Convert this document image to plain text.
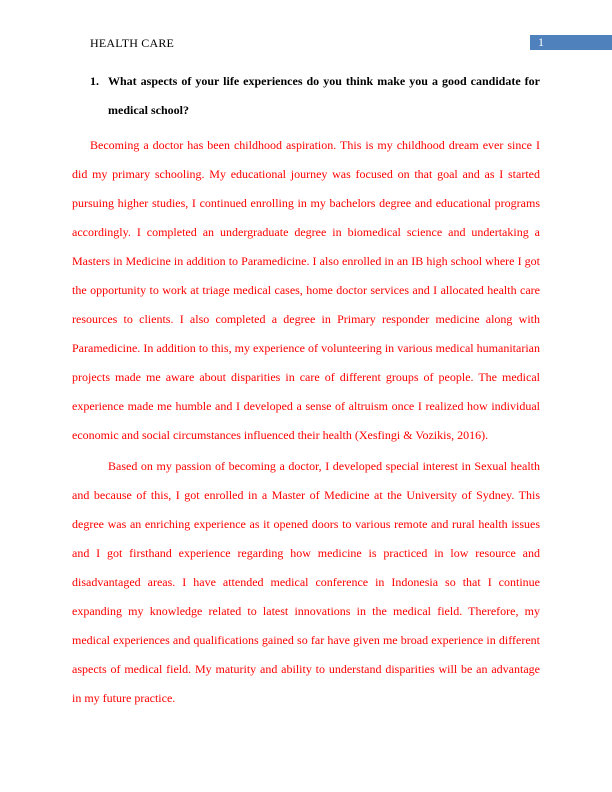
HEALTH CARE	1
1. What aspects of your life experiences do you think make you a good candidate for medical school?

Becoming a doctor has been childhood aspiration. This is my childhood dream ever since I did my primary schooling. My educational journey was focused on that goal and as I started pursuing higher studies, I continued enrolling in my bachelors degree and educational programs accordingly. I completed an undergraduate degree in biomedical science and undertaking a Masters in Medicine in addition to Paramedicine. I also enrolled in an IB high school where I got the opportunity to work at triage medical cases, home doctor services and I allocated health care resources to clients. I also completed a degree in Primary responder medicine along with Paramedicine. In addition to this, my experience of volunteering in various medical humanitarian projects made me aware about disparities in care of different groups of people. The medical experience made me humble and I developed a sense of altruism once I realized how individual economic and social circumstances influenced their health (Xesfingi & Vozikis, 2016).

Based on my passion of becoming a doctor, I developed special interest in Sexual health and because of this, I got enrolled in a Master of Medicine at the University of Sydney. This degree was an enriching experience as it opened doors to various remote and rural health issues and I got firsthand experience regarding how medicine is practiced in low resource and disadvantaged areas. I have attended medical conference in Indonesia so that I continue expanding my knowledge related to latest innovations in the medical field. Therefore, my medical experiences and qualifications gained so far have given me broad experience in different aspects of medical field. My maturity and ability to understand disparities will be an advantage in my future practice.
